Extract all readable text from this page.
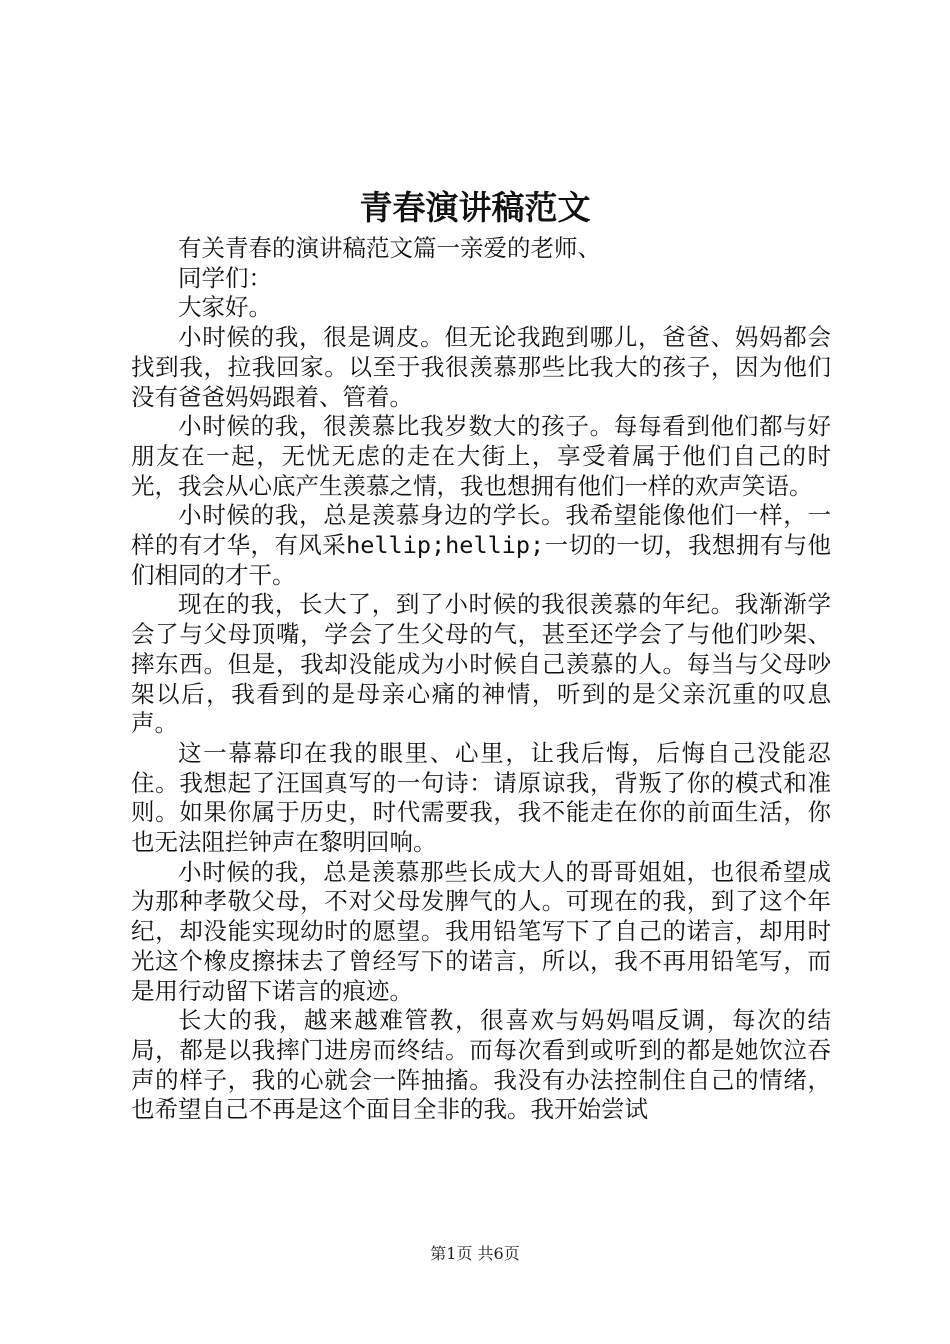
青春演讲稿范文

有关青春的演讲稿范文篇一亲爱的老师、

同学们：

大家好。

小时候的我，很是调皮。但无论我跑到哪儿，爸爸、妈妈都会找到我，拉我回家。以至于我很羡慕那些比我大的孩子，因为他们没有爸爸妈妈跟着、管着。

小时候的我，很羡慕比我岁数大的孩子。每每看到他们都与好朋友在一起，无忧无虑的走在大街上，享受着属于他们自己的时光，我会从心底产生羡慕之情，我也想拥有他们一样的欢声笑语。

小时候的我，总是羡慕身边的学长。我希望能像他们一样，一样的有才华，有风采hellip;hellip;一切的一切，我想拥有与他们相同的才干。

现在的我，长大了，到了小时候的我很羡慕的年纪。我渐渐学会了与父母顶嘴，学会了生父母的气，甚至还学会了与他们吵架、摔东西。但是，我却没能成为小时候自己羡慕的人。每当与父母吵架以后，我看到的是母亲心痛的神情，听到的是父亲沉重的叹息声。

这一幕幕印在我的眼里、心里，让我后悔，后悔自己没能忍住。我想起了汪国真写的一句诗：请原谅我，背叛了你的模式和准则。如果你属于历史，时代需要我，我不能走在你的前面生活，你也无法阻拦钟声在黎明回响。

小时候的我，总是羡慕那些长成大人的哥哥姐姐，也很希望成为那种孝敬父母，不对父母发脾气的人。可现在的我，到了这个年纪，却没能实现幼时的愿望。我用铅笔写下了自己的诺言，却用时光这个橡皮擦抹去了曾经写下的诺言，所以，我不再用铅笔写，而是用行动留下诺言的痕迹。

长大的我，越来越难管教，很喜欢与妈妈唱反调，每次的结局，都是以我摔门进房而终结。而每次看到或听到的都是她饮泣吞声的样子，我的心就会一阵抽搐。我没有办法控制住自己的情绪，也希望自己不再是这个面目全非的我。我开始尝试

第1页 共6页
